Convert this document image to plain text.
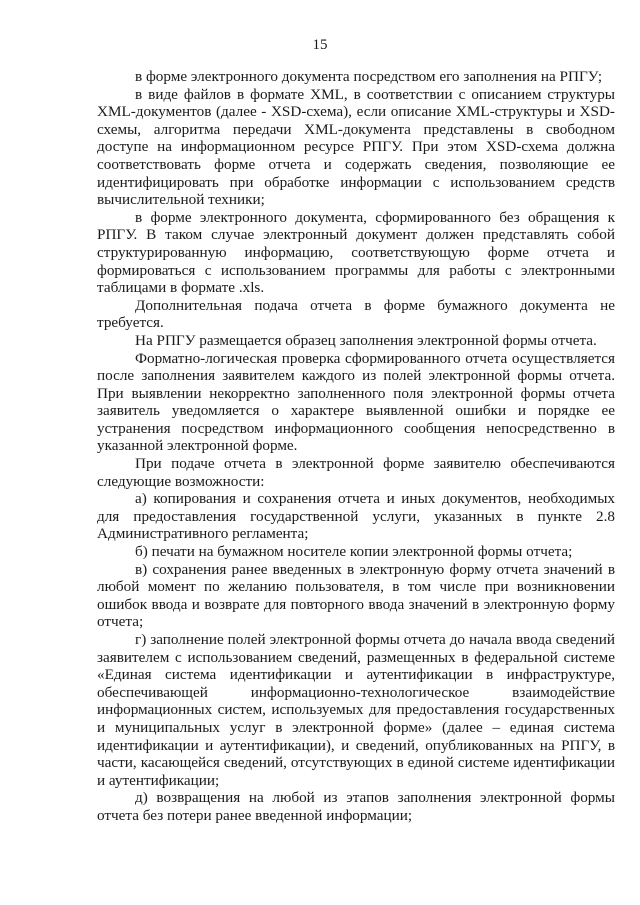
15

в форме электронного документа посредством его заполнения на РПГУ;

в виде файлов в формате XML, в соответствии с описанием структуры XML-документов (далее - XSD-схема), если описание XML-структуры и XSD-схемы, алгоритма передачи XML-документа представлены в свободном доступе на информационном ресурсе РПГУ. При этом XSD-схема должна соответствовать форме отчета и содержать сведения, позволяющие ее идентифицировать при обработке информации с использованием средств вычислительной техники;

в форме электронного документа, сформированного без обращения к РПГУ. В таком случае электронный документ должен представлять собой структурированную информацию, соответствующую форме отчета и формироваться с использованием программы для работы с электронными таблицами в формате .xls.

Дополнительная подача отчета в форме бумажного документа не требуется.

На РПГУ размещается образец заполнения электронной формы отчета.

Форматно-логическая проверка сформированного отчета осуществляется после заполнения заявителем каждого из полей электронной формы отчета. При выявлении некорректно заполненного поля электронной формы отчета заявитель уведомляется о характере выявленной ошибки и порядке ее устранения посредством информационного сообщения непосредственно в указанной электронной форме.

При подаче отчета в электронной форме заявителю обеспечиваются следующие возможности:

а) копирования и сохранения отчета и иных документов, необходимых для предоставления государственной услуги, указанных в пункте 2.8 Административного регламента;

б) печати на бумажном носителе копии электронной формы отчета;

в) сохранения ранее введенных в электронную форму отчета значений в любой момент по желанию пользователя, в том числе при возникновении ошибок ввода и возврате для повторного ввода значений в электронную форму отчета;

г) заполнение полей электронной формы отчета до начала ввода сведений заявителем с использованием сведений, размещенных в федеральной системе «Единая система идентификации и аутентификации в инфраструктуре, обеспечивающей информационно-технологическое взаимодействие информационных систем, используемых для предоставления государственных и муниципальных услуг в электронной форме» (далее – единая система идентификации и аутентификации), и сведений, опубликованных на РПГУ, в части, касающейся сведений, отсутствующих в единой системе идентификации и аутентификации;

д) возвращения на любой из этапов заполнения электронной формы отчета без потери ранее введенной информации;
